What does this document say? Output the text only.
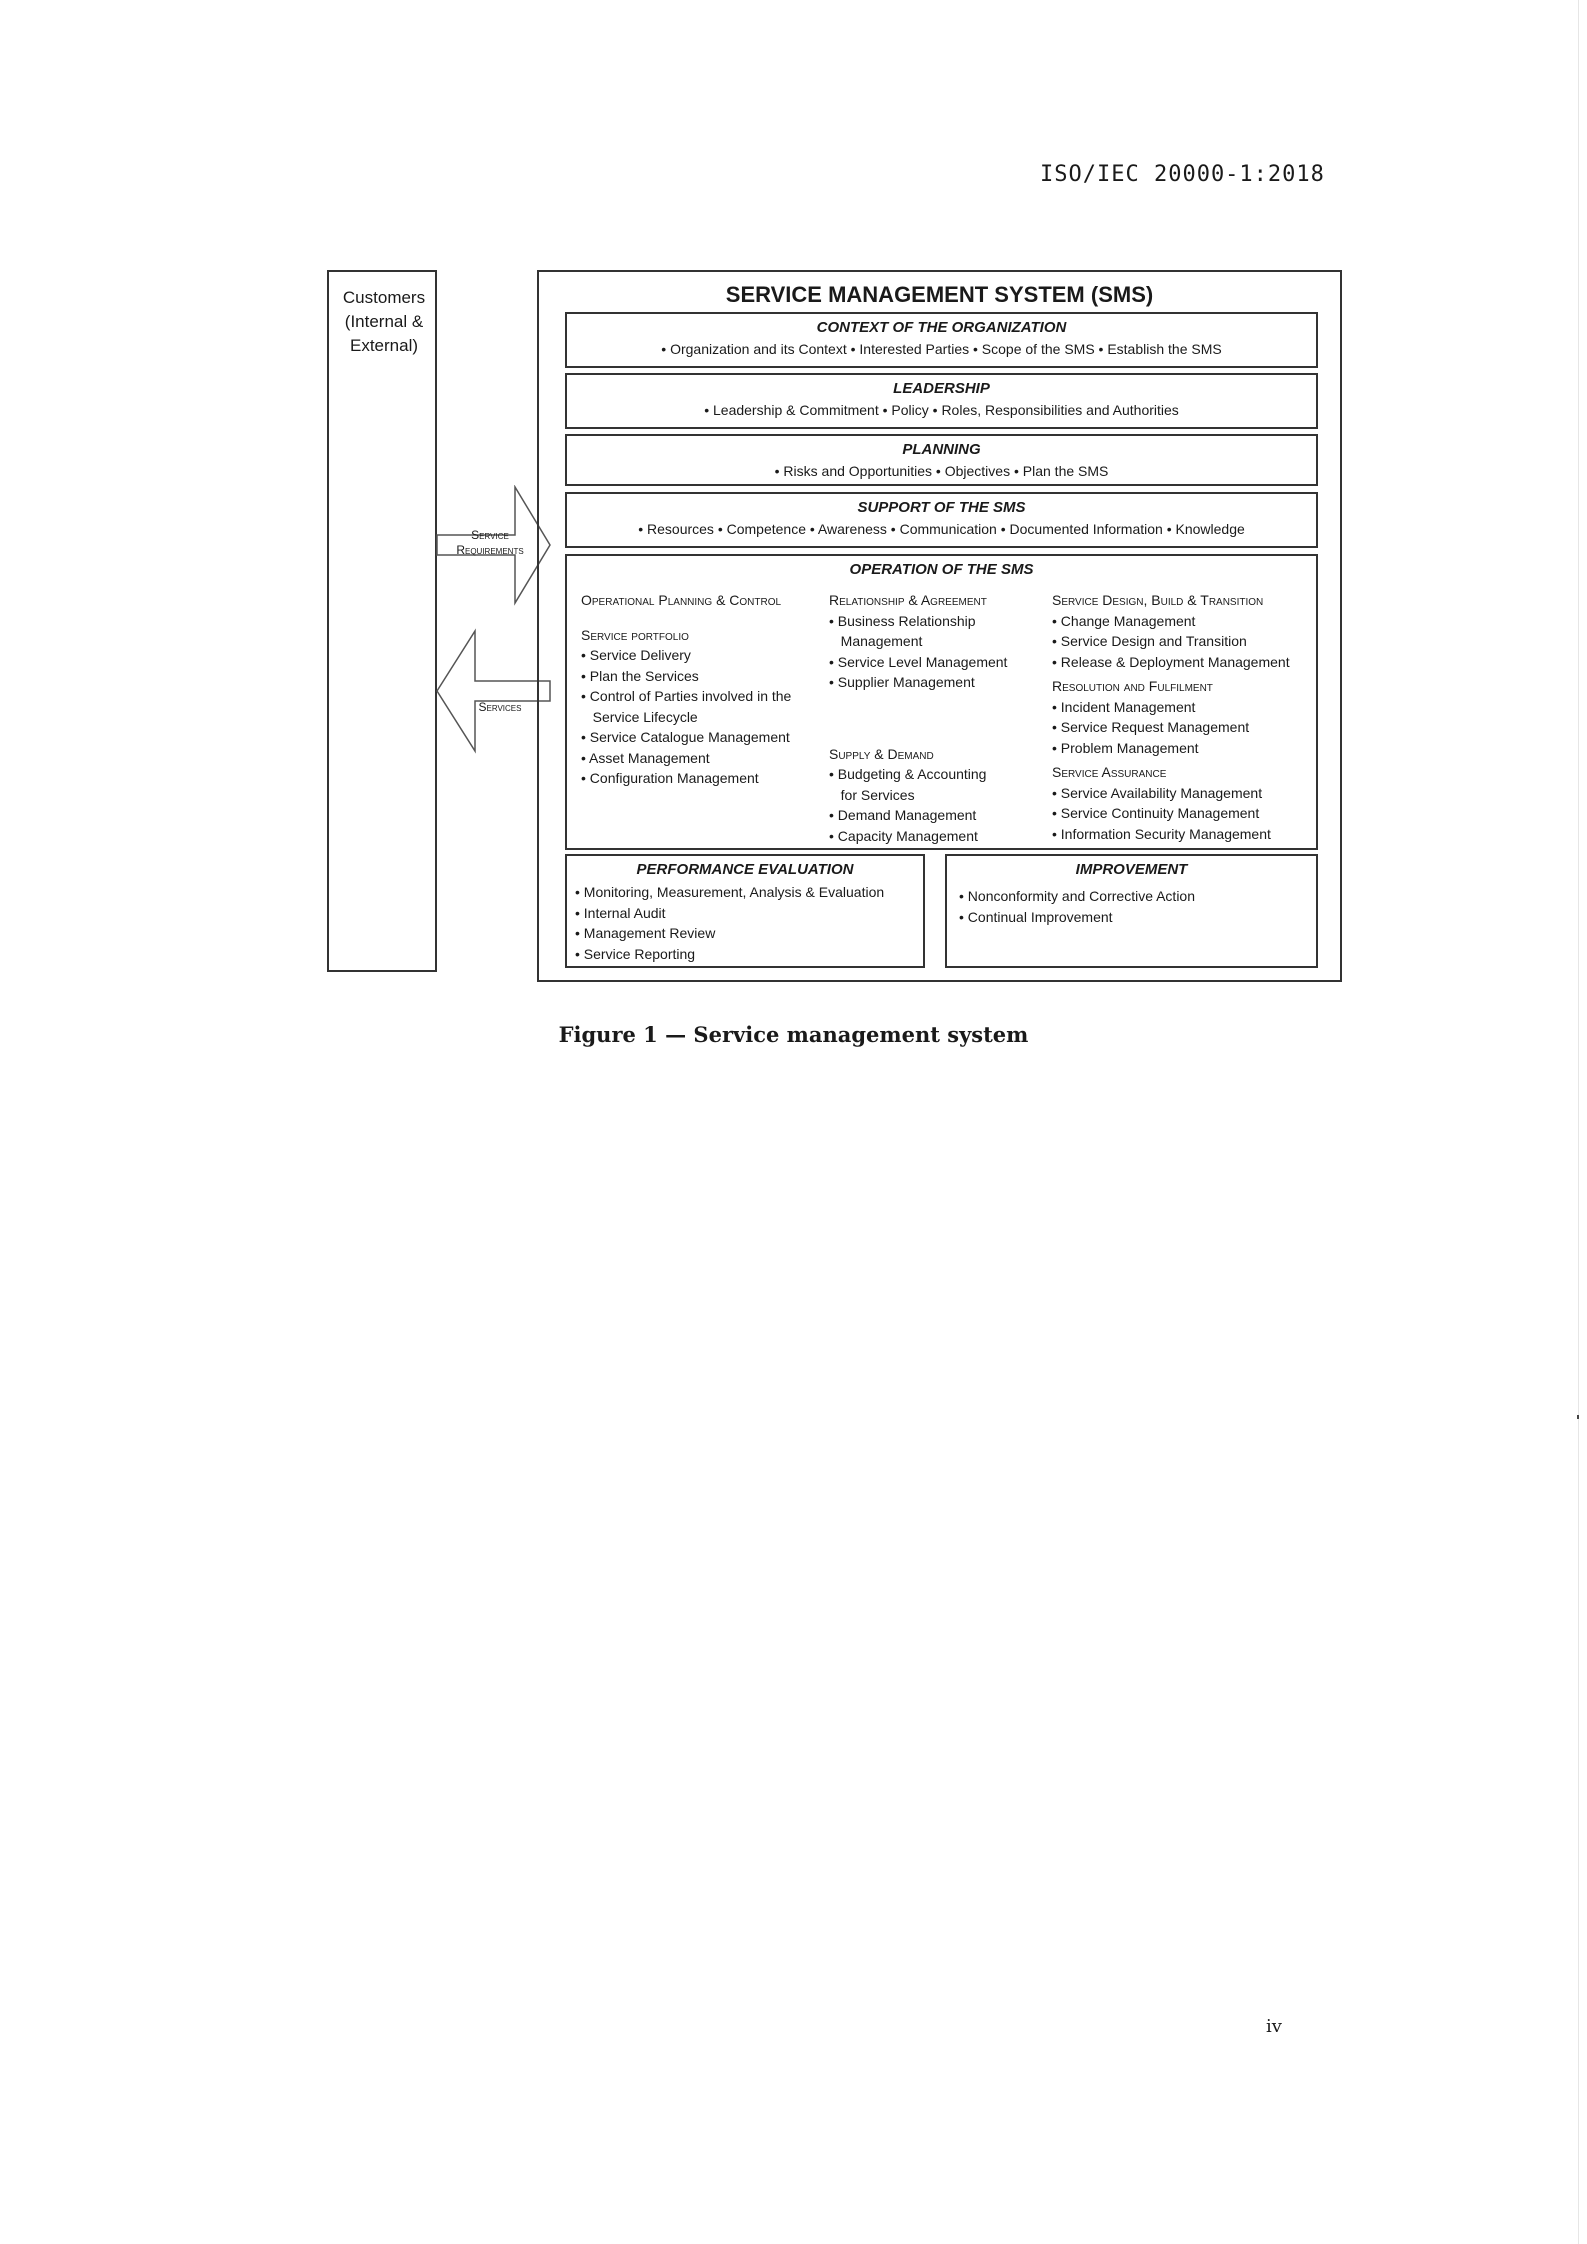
ISO/IEC 20000-1:2018
Customers
(Internal &
External)
Service
Requirements
Services
SERVICE MANAGEMENT SYSTEM (SMS)
CONTEXT OF THE ORGANIZATION
• Organization and its Context • Interested Parties • Scope of the SMS • Establish the SMS
LEADERSHIP
• Leadership & Commitment • Policy • Roles, Responsibilities and Authorities
PLANNING
• Risks and Opportunities • Objectives • Plan the SMS
SUPPORT OF THE SMS
• Resources • Competence • Awareness • Communication • Documented Information • Knowledge
OPERATION OF THE SMS
Operational Planning & Control
Service portfolio
• Service Delivery
• Plan the Services
• Control of Parties involved in the
Service Lifecycle
• Service Catalogue Management
• Asset Management
• Configuration Management
Relationship & Agreement
• Business Relationship
Management
• Service Level Management
• Supplier Management
Supply & Demand
• Budgeting & Accounting
for Services
• Demand Management
• Capacity Management
Service Design, Build & Transition
• Change Management
• Service Design and Transition
• Release & Deployment Management
Resolution and Fulfilment
• Incident Management
• Service Request Management
• Problem Management
Service Assurance
• Service Availability Management
• Service Continuity Management
• Information Security Management
PERFORMANCE EVALUATION
• Monitoring, Measurement, Analysis & Evaluation
• Internal Audit
• Management Review
• Service Reporting
IMPROVEMENT
• Nonconformity and Corrective Action
• Continual Improvement
Figure 1 — Service management system
iv
